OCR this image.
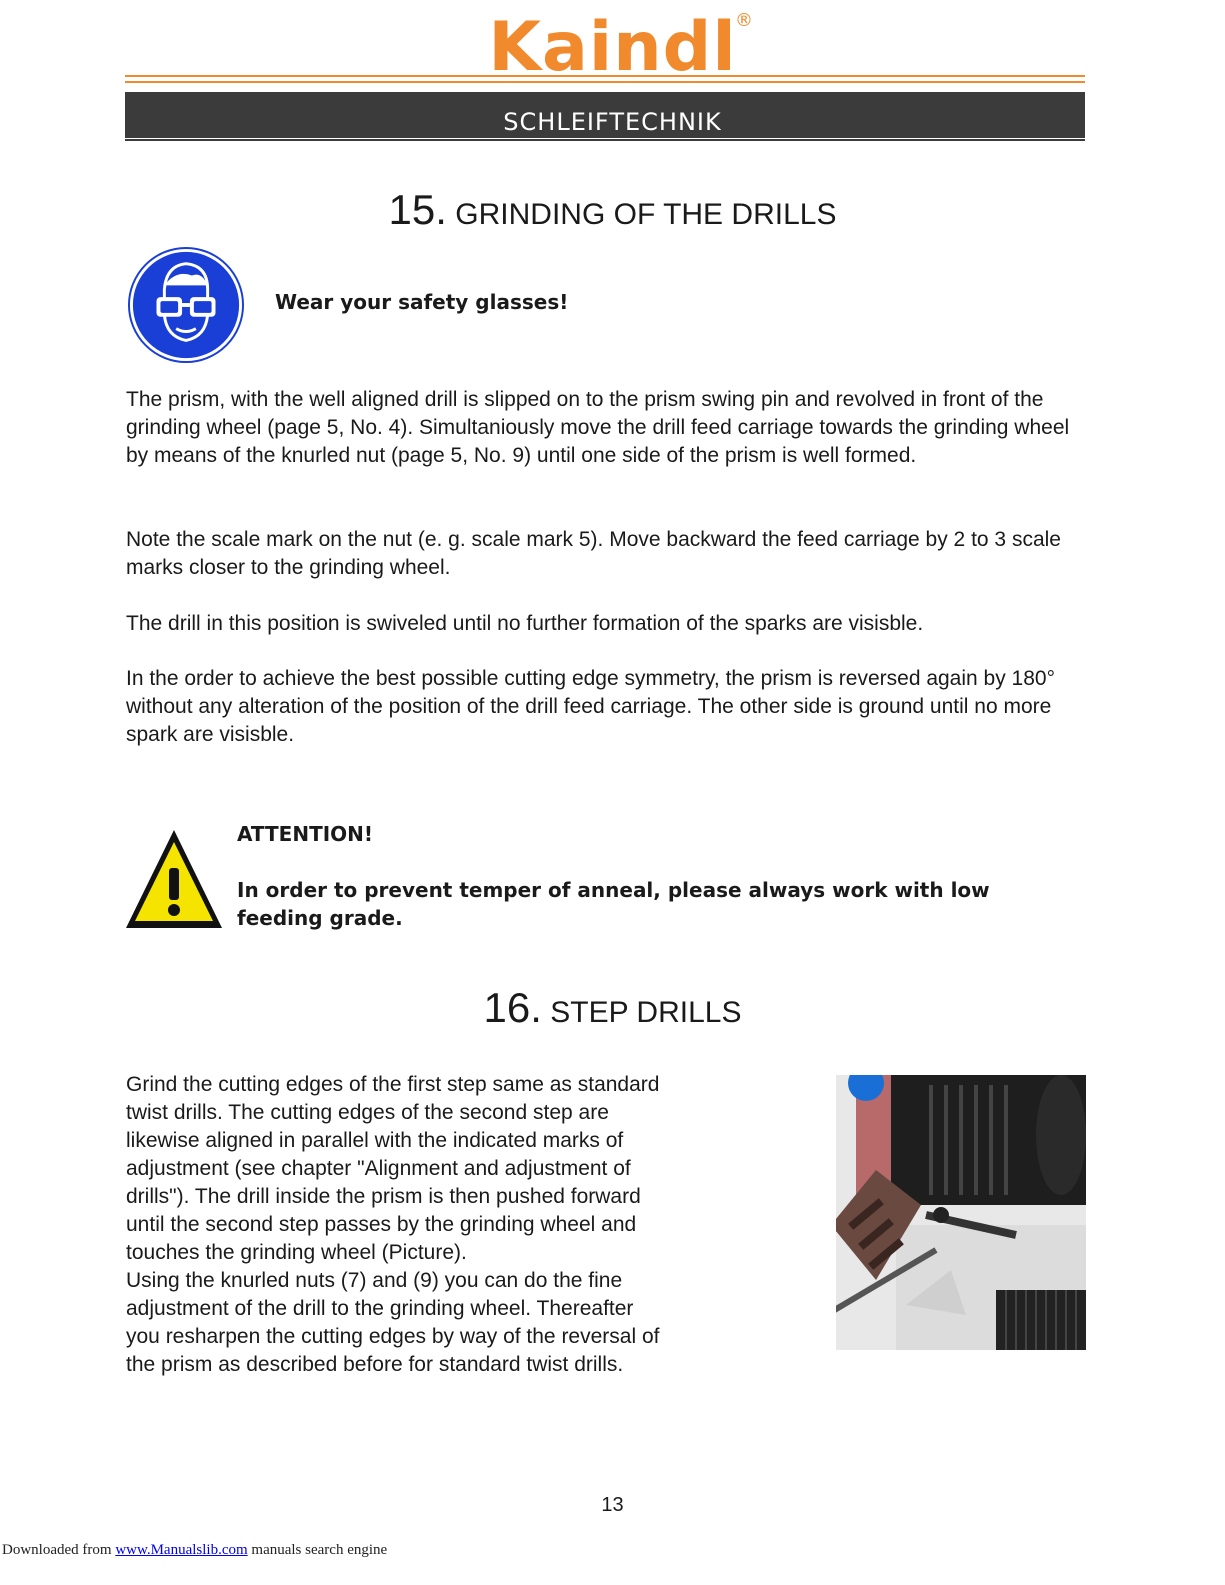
Kaindl
®
SCHLEIFTECHNIK
15. GRINDING OF THE DRILLS
Wear your safety glasses!

The prism, with the well aligned drill is slipped on to the prism swing pin and revolved in front of the grinding wheel (page 5, No. 4). Simultaniously move the drill feed carriage towards the grinding wheel by means of the knurled nut (page 5, No. 9) until one side of the prism is well formed.

Note the scale mark on the nut (e. g. scale mark 5). Move backward the feed carriage by 2 to 3 scale marks closer to the grinding wheel.

The drill in this position is swiveled until no further formation of the sparks are visisble.

In the order to achieve the best possible cutting edge symmetry, the prism is reversed again by 180° without any alteration of the position of the drill feed carriage. The other side is ground until no more spark are visisble.

ATTENTION!
In order to prevent temper of anneal, please always work with low feeding grade.
16. STEP DRILLS
Grind the cutting edges of the first step same as standard
twist drills. The cutting edges of the second step are
likewise aligned in parallel with the indicated marks of
adjustment (see chapter "Alignment and adjustment of
drills"). The drill inside the prism is then pushed forward
until the second step passes by the grinding wheel and
touches the grinding wheel (Picture).
Using the knurled nuts (7) and (9) you can do the fine
adjustment of the drill to the grinding wheel. Thereafter
you resharpen the cutting edges by way of the reversal of
the prism as described before for standard twist drills.
13
Downloaded from www.Manualslib.com manuals search engine
